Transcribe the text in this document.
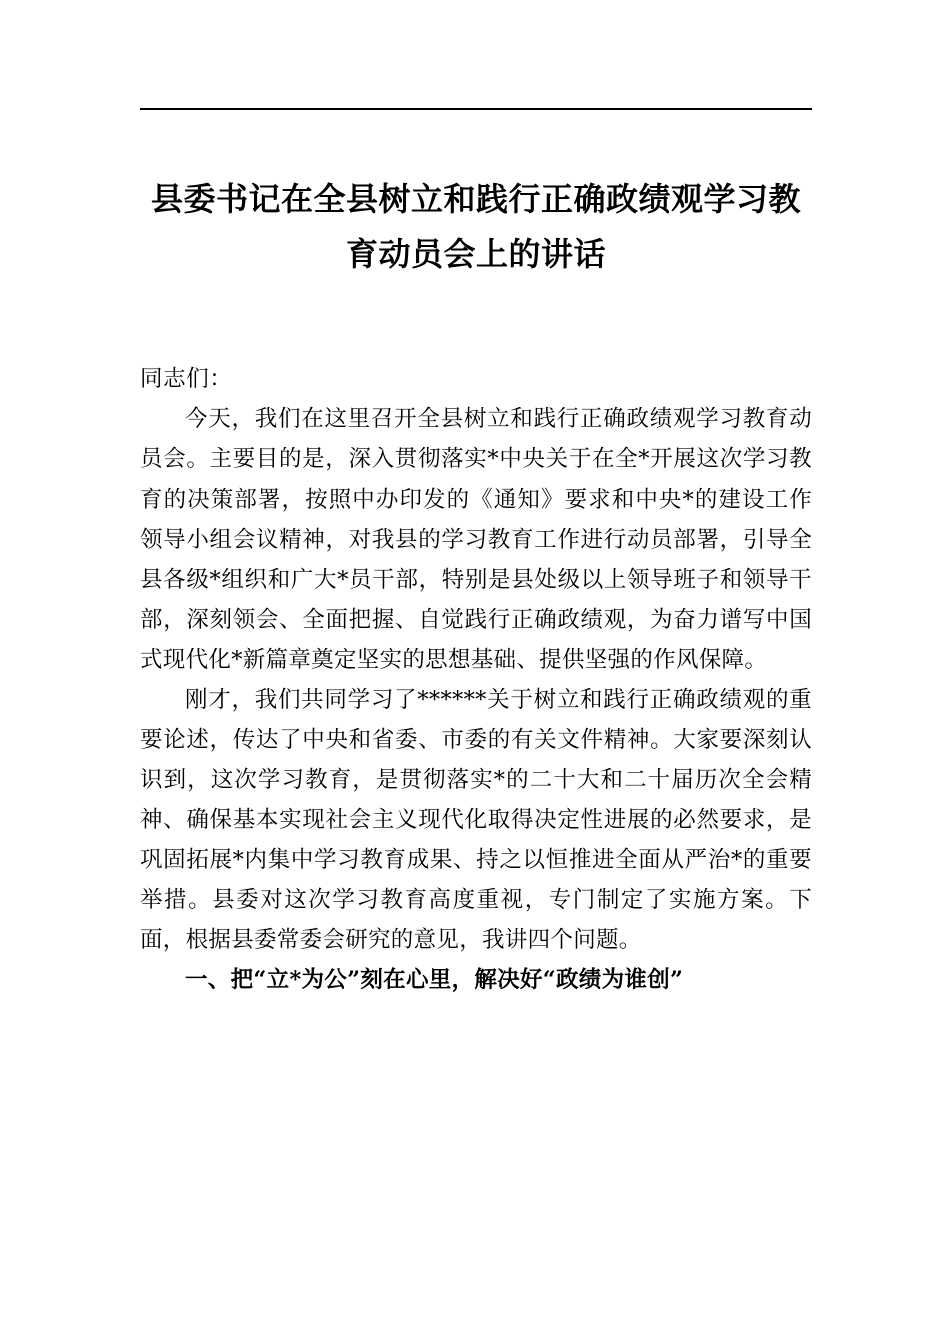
县委书记在全县树立和践行正确政绩观学习教育动员会上的讲话
同志们：

今天，我们在这里召开全县树立和践行正确政绩观学习教育动员会。主要目的是，深入贯彻落实*中央关于在全*开展这次学习教育的决策部署，按照中办印发的《通知》要求和中央*的建设工作领导小组会议精神，对我县的学习教育工作进行动员部署，引导全县各级*组织和广大*员干部，特别是县处级以上领导班子和领导干部，深刻领会、全面把握、自觉践行正确政绩观，为奋力谱写中国式现代化*新篇章奠定坚实的思想基础、提供坚强的作风保障。

刚才，我们共同学习了******关于树立和践行正确政绩观的重要论述，传达了中央和省委、市委的有关文件精神。大家要深刻认识到，这次学习教育，是贯彻落实*的二十大和二十届历次全会精神、确保基本实现社会主义现代化取得决定性进展的必然要求，是巩固拓展*内集中学习教育成果、持之以恒推进全面从严治*的重要举措。县委对这次学习教育高度重视，专门制定了实施方案。下面，根据县委常委会研究的意见，我讲四个问题。

一、把“立*为公”刻在心里，解决好“政绩为谁创”
